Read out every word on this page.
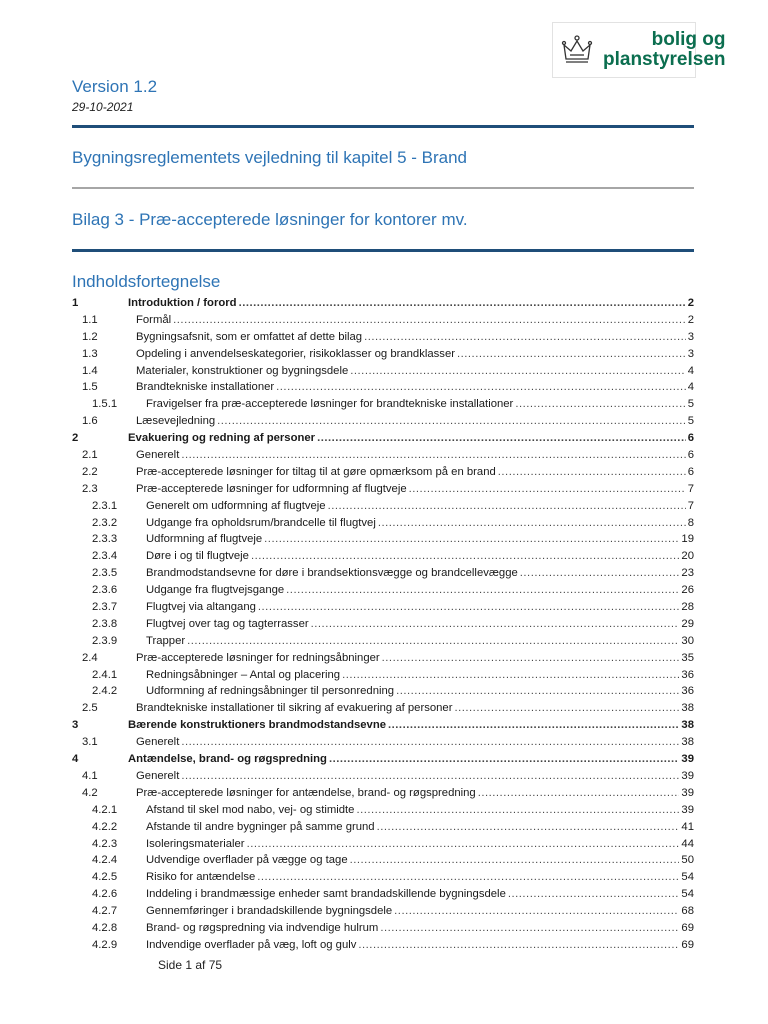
bolig og
planstyrelsen
Version 1.2
29-10-2021
Bygningsreglementets vejledning til kapitel 5 - Brand
Bilag 3 - Præ-accepterede løsninger for kontorer mv.
Indholdsfortegnelse
1	Introduktion / forord .....	2
1.1	Formål .....	2
1.2	Bygningsafsnit, som er omfattet af dette bilag .....	3
1.3	Opdeling i anvendelseskategorier, risikoklasser og brandklasser .....	3
1.4	Materialer, konstruktioner og bygningsdele .....	4
1.5	Brandtekniske installationer .....	4
1.5.1	Fravigelser fra præ-accepterede løsninger for brandtekniske installationer .....	5
1.6	Læsevejledning .....	5
2	Evakuering og redning af personer .....	6
2.1	Generelt .....	6
2.2	Præ-accepterede løsninger for tiltag til at gøre opmærksom på en brand .....	6
2.3	Præ-accepterede løsninger for udformning af flugtveje .....	7
2.3.1	Generelt om udformning af flugtveje .....	7
2.3.2	Udgange fra opholdsrum/brandcelle til flugtvej .....	8
2.3.3	Udformning af flugtveje .....	19
2.3.4	Døre i og til flugtveje .....	20
2.3.5	Brandmodstandsevne for døre i brandsektionsvægge og brandcellevægge .....	23
2.3.6	Udgange fra flugtvejsgange .....	26
2.3.7	Flugtvej via altangang .....	28
2.3.8	Flugtvej over tag og tagterrasser .....	29
2.3.9	Trapper .....	30
2.4	Præ-accepterede løsninger for redningsåbninger .....	35
2.4.1	Redningsåbninger – Antal og placering .....	36
2.4.2	Udformning af redningsåbninger til personredning .....	36
2.5	Brandtekniske installationer til sikring af evakuering af personer .....	38
3	Bærende konstruktioners brandmodstandsevne .....	38
3.1	Generelt .....	38
4	Antændelse, brand- og røgspredning .....	39
4.1	Generelt .....	39
4.2	Præ-accepterede løsninger for antændelse, brand- og røgspredning .....	39
4.2.1	Afstand til skel mod nabo, vej- og stimidte .....	39
4.2.2	Afstande til andre bygninger på samme grund .....	41
4.2.3	Isoleringsmaterialer .....	44
4.2.4	Udvendige overflader på vægge og tage .....	50
4.2.5	Risiko for antændelse .....	54
4.2.6	Inddeling i brandmæssige enheder samt brandadskillende bygningsdele .....	54
4.2.7	Gennemføringer i brandadskillende bygningsdele .....	68
4.2.8	Brand- og røgspredning via indvendige hulrum .....	69
4.2.9	Indvendige overflader på væg, loft og gulv .....	69
Side 1 af 75
